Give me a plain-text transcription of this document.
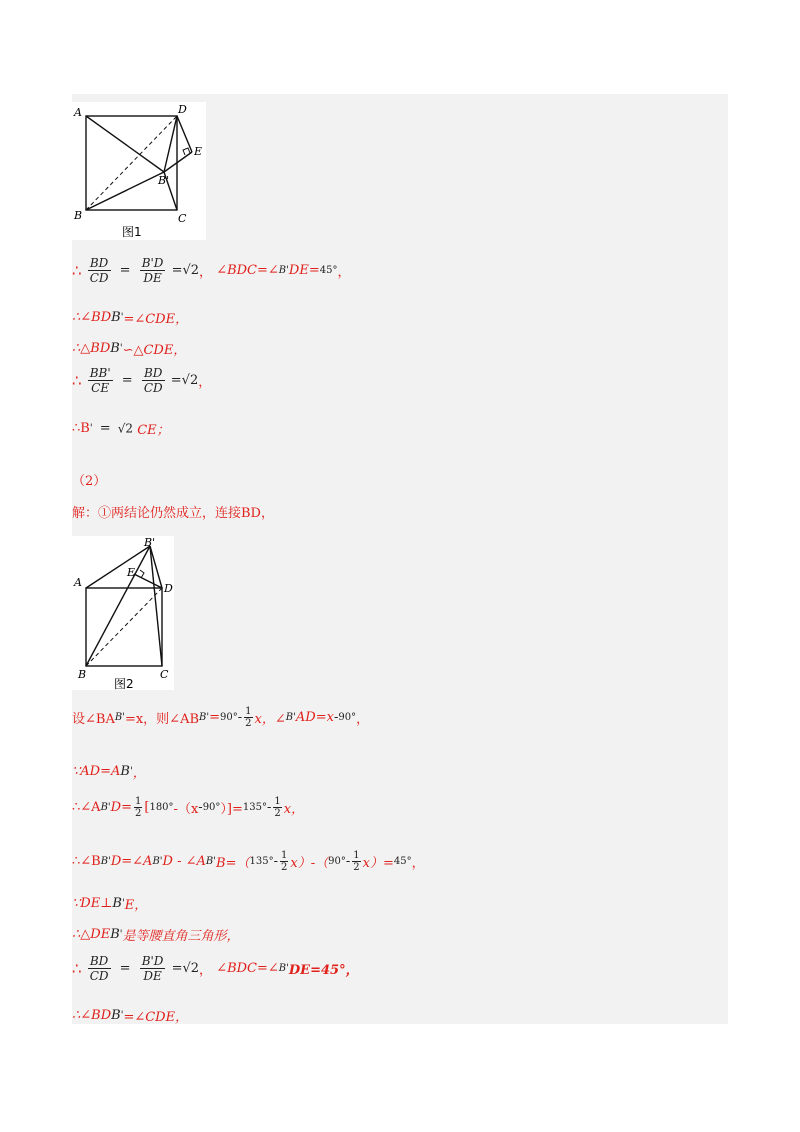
A	D
E
B'
B	C
图1
∴ $\frac{BD}{CD} = \frac{B'D}{DE} =√2$， ∠BDC=∠B'DE=45°，
∴∠BDB'=∠CDE，
∴△BDB'∽△CDE，
∴ $\frac{BB'}{CE} = \frac{BD}{CD} =√2$，
∴B' = √2 CE；
（2）
解：①两结论仍然成立，连接BD，
B'
E
A	D
B	C
图2
设∠BAB'=x，则∠ABB'=90°- $\frac{1}{2}$ x，∠B'AD=x-90°，
∵AD=AB'，
∴∠AB'D= $\frac{1}{2} [180^\circ-(x-90^\circ)]=135^\circ- \frac{1}{2}$ x，
∴∠BB'D=∠AB'D - ∠AB'B=（135°- $\frac{1}{2} x)-(90^\circ- \frac{1}{2} x)=45^\circ$，
∵DE⊥B'E，
∴△DEB'是等腰直角三角形，
∴ $\frac{BD}{CD} = \frac{B'D}{DE} =√2$， ∠BDC=∠B'DE=45°，
∴∠BDB'=∠CDE，
